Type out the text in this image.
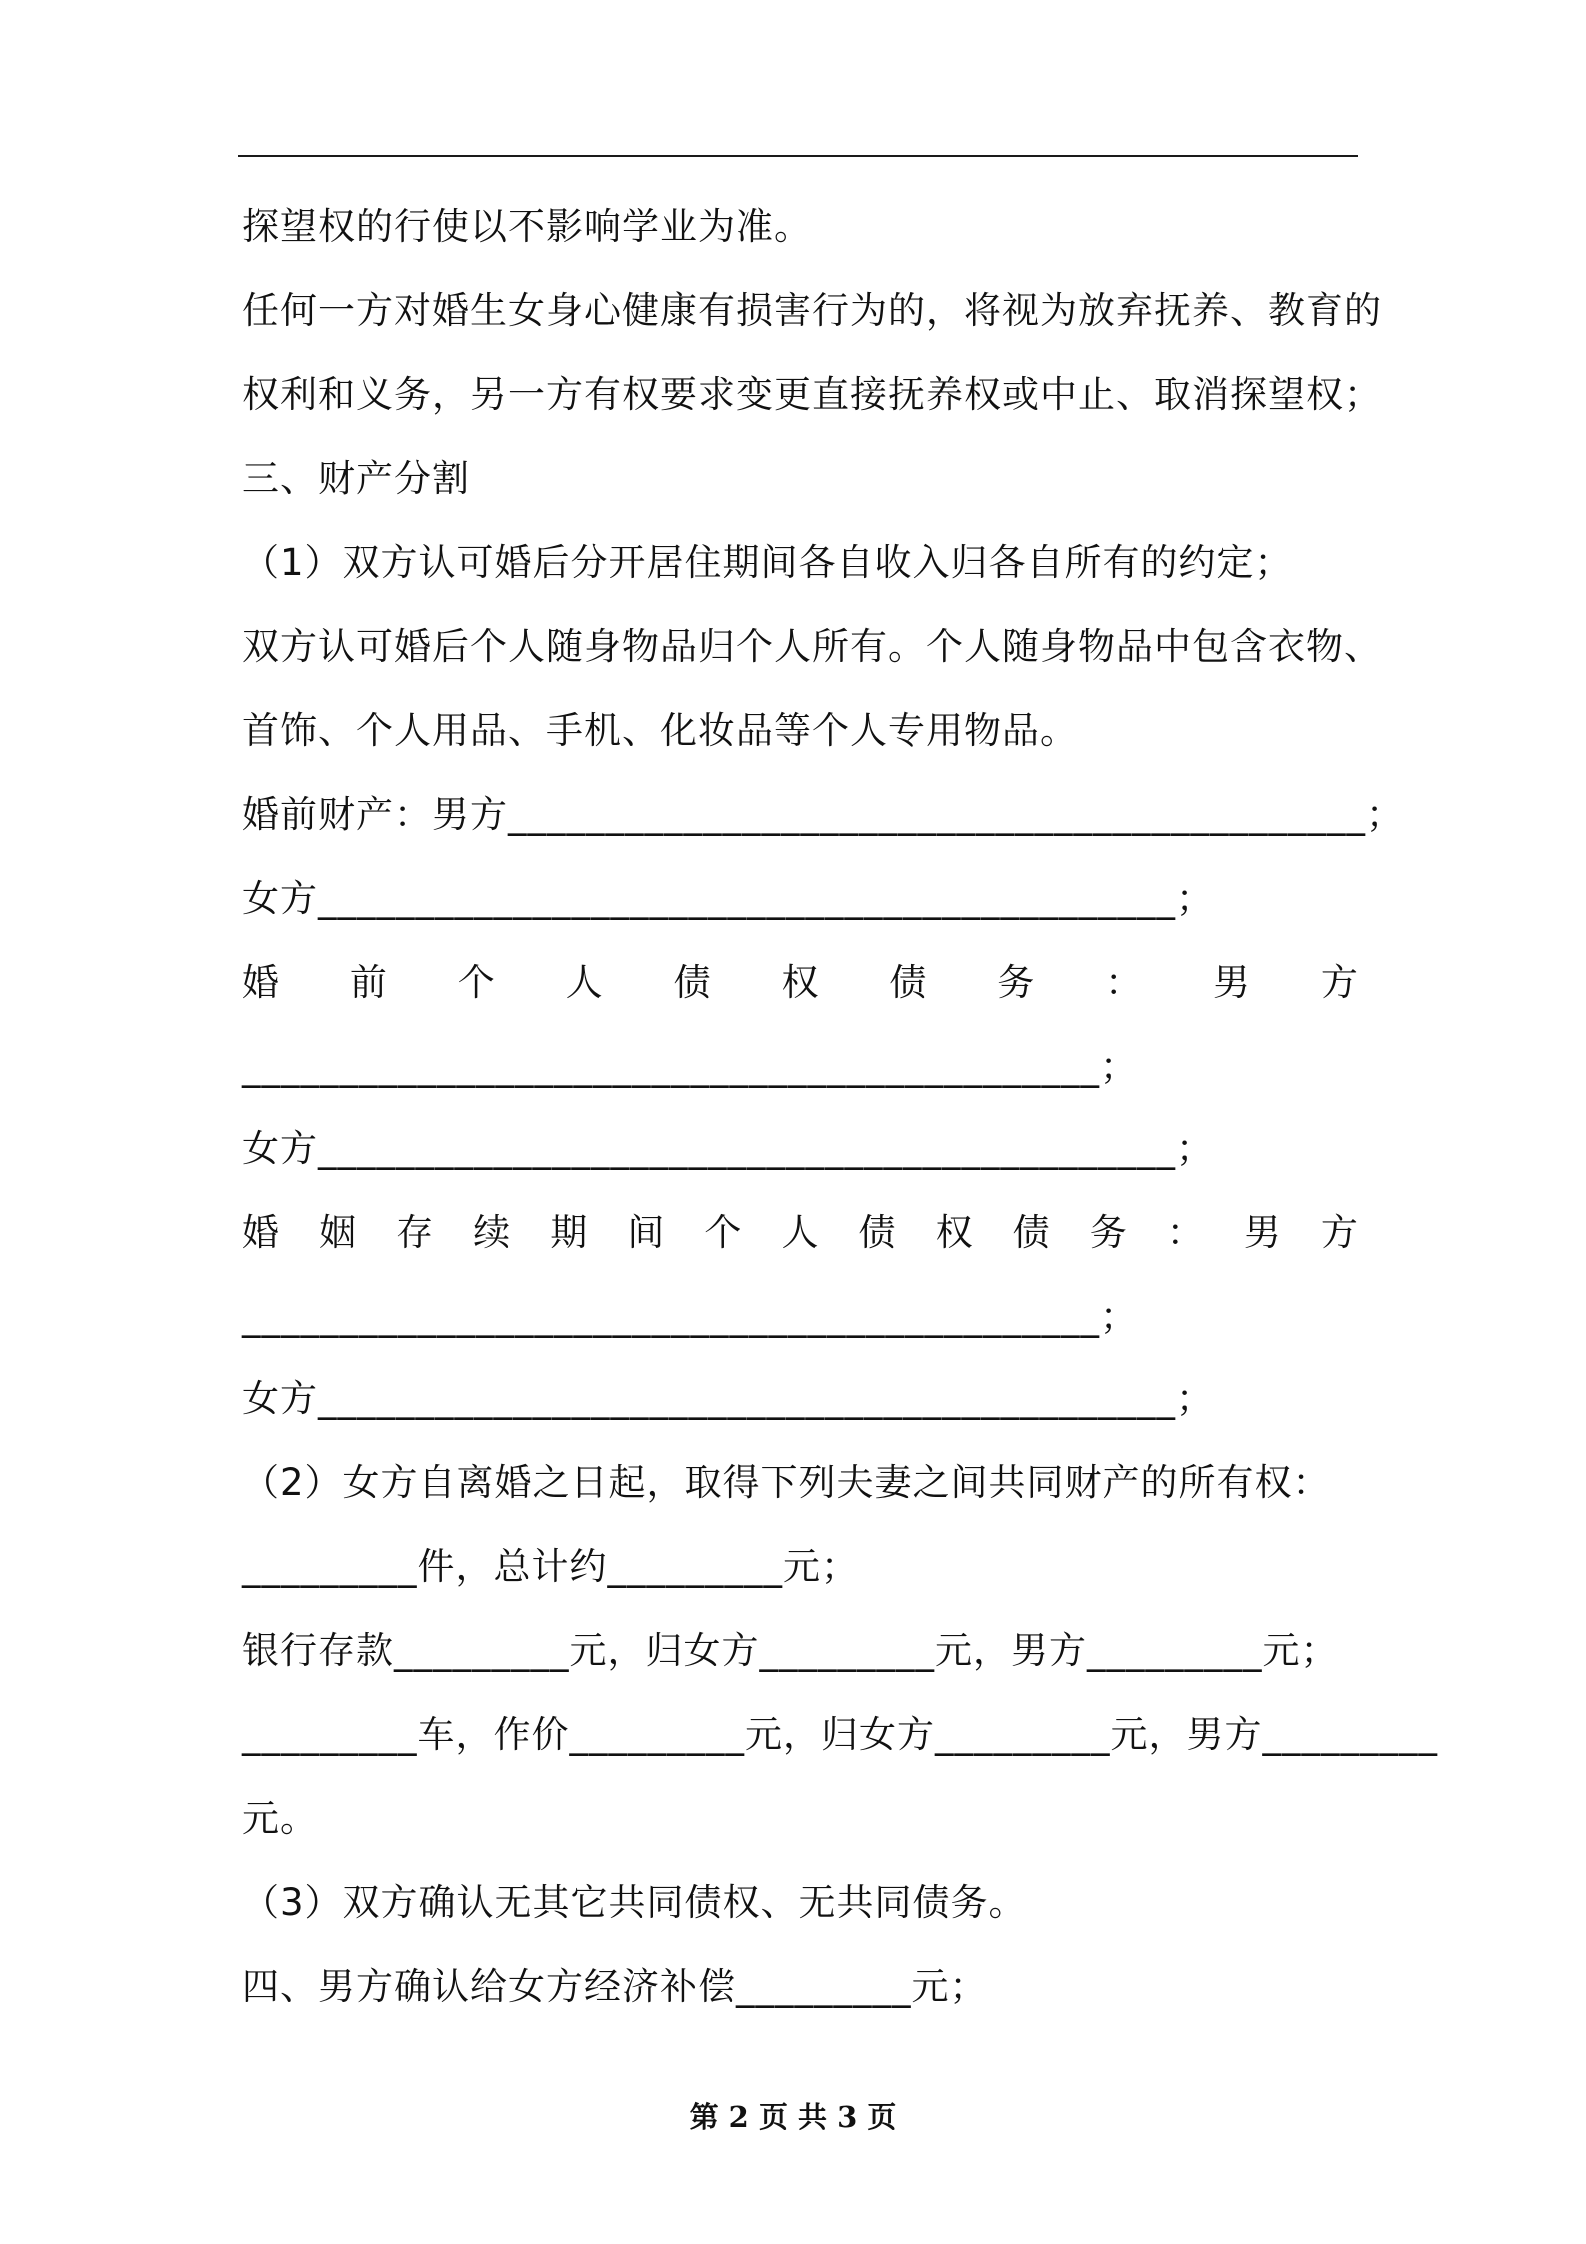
探望权的行使以不影响学业为准。
任何一方对婚生女身心健康有损害行为的，将视为放弃抚养、教育的
权利和义务，另一方有权要求变更直接抚养权或中止、取消探望权；
三、财产分割
（1）双方认可婚后分开居住期间各自收入归各自所有的约定；
双方认可婚后个人随身物品归个人所有。个人随身物品中包含衣物、
首饰、个人用品、手机、化妆品等个人专用物品。
婚前财产：男方____________________________________________；
女方____________________________________________；
婚 前 个 人 债 权 债 务 ： 男 方
____________________________________________；
女方____________________________________________；
婚 姻 存 续 期 间 个 人 债 权 债 务 ： 男 方
____________________________________________；
女方____________________________________________；
（2）女方自离婚之日起，取得下列夫妻之间共同财产的所有权：
_________件，总计约_________元；
银行存款_________元，归女方_________元，男方_________元；
_________车，作价_________元，归女方_________元，男方_________
元。
（3）双方确认无其它共同债权、无共同债务。
四、男方确认给女方经济补偿_________元；
第 2 页 共 3 页
